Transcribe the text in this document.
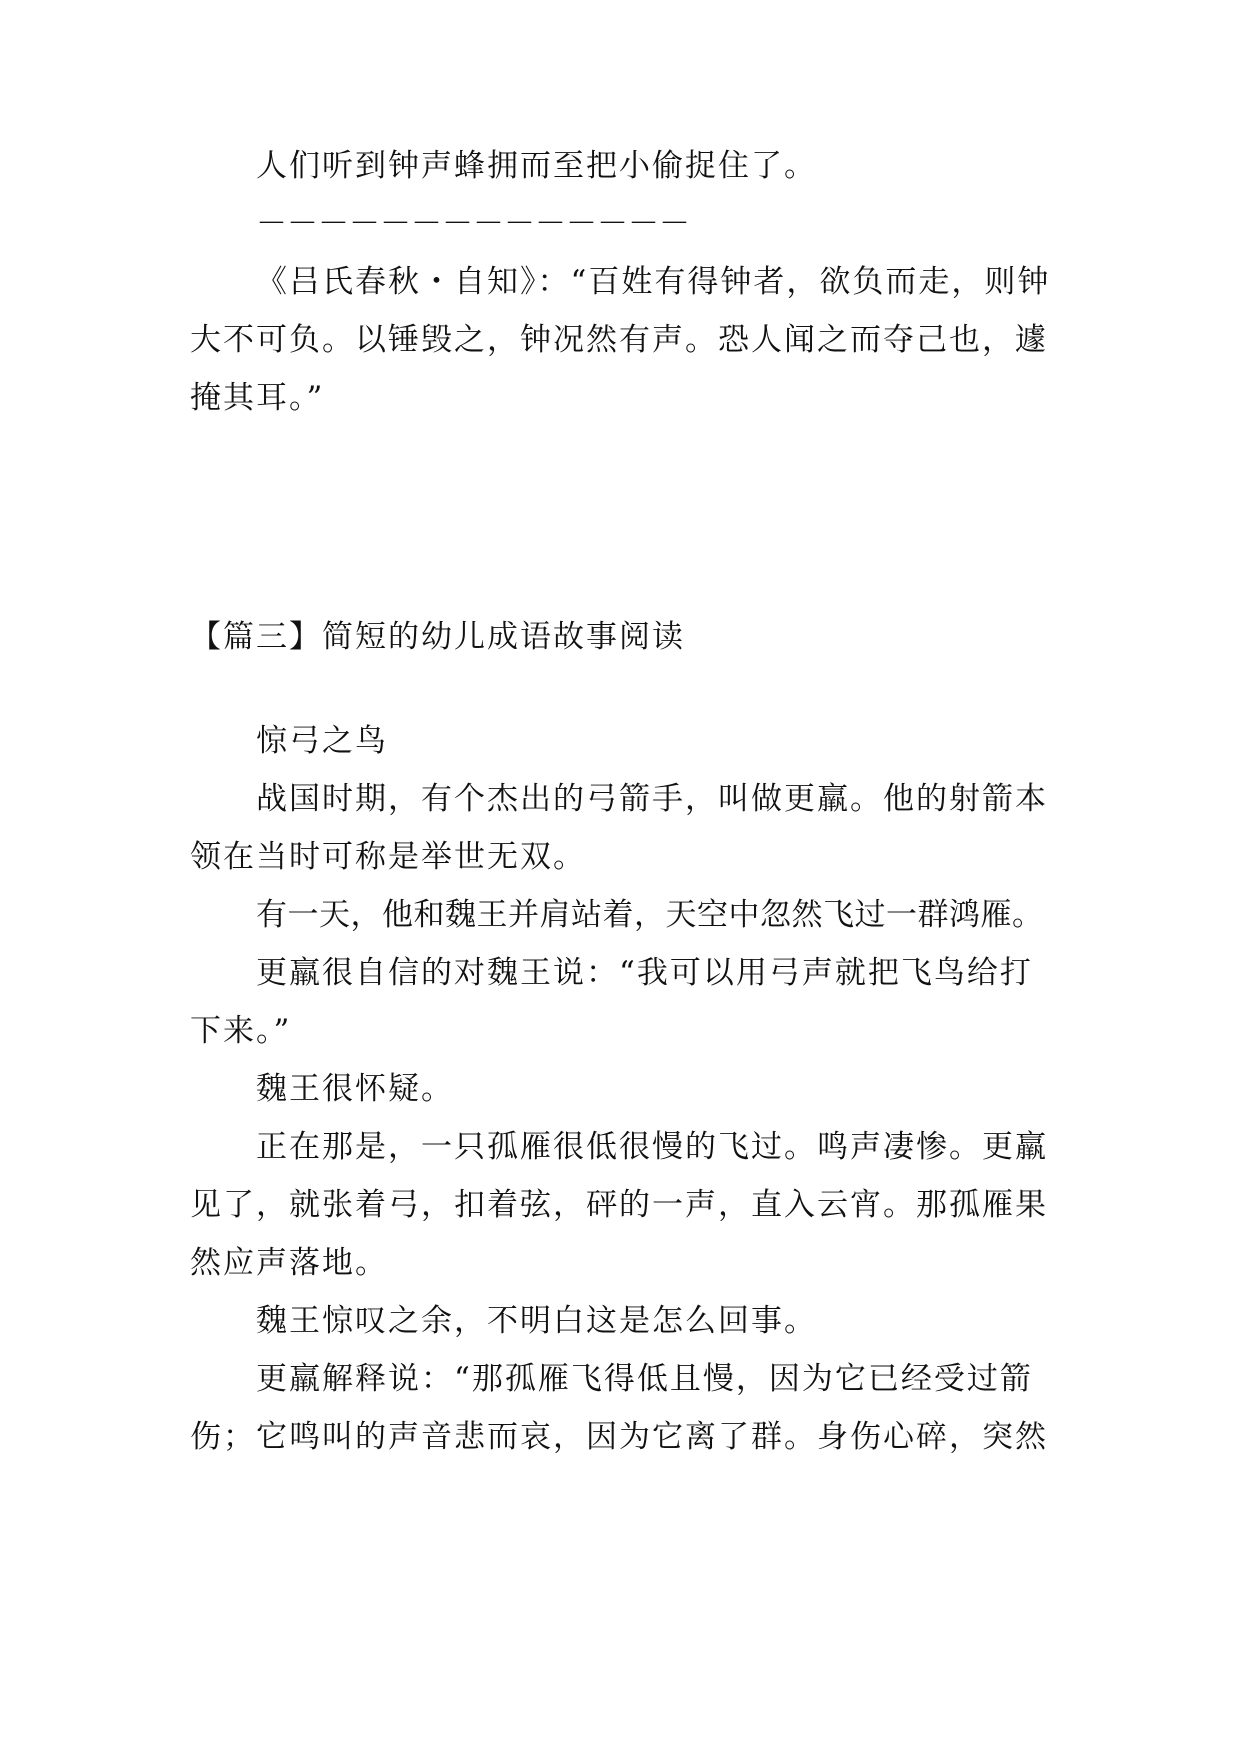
人们听到钟声蜂拥而至把小偷捉住了。
－－－－－－－－－－－－－－
《吕氏春秋・自知》：“百姓有得钟者，欲负而走，则钟
大不可负。以锤毁之，钟况然有声。恐人闻之而夺己也，遽
掩其耳。”
【篇三】简短的幼儿成语故事阅读
惊弓之鸟
战国时期，有个杰出的弓箭手，叫做更羸。他的射箭本
领在当时可称是举世无双。
有一天，他和魏王并肩站着，天空中忽然飞过一群鸿雁。
更羸很自信的对魏王说：“我可以用弓声就把飞鸟给打
下来。”
魏王很怀疑。
正在那是，一只孤雁很低很慢的飞过。鸣声凄惨。更羸
见了，就张着弓，扣着弦，砰的一声，直入云宵。那孤雁果
然应声落地。
魏王惊叹之余，不明白这是怎么回事。
更羸解释说：“那孤雁飞得低且慢，因为它已经受过箭
伤；它鸣叫的声音悲而哀，因为它离了群。身伤心碎，突然
